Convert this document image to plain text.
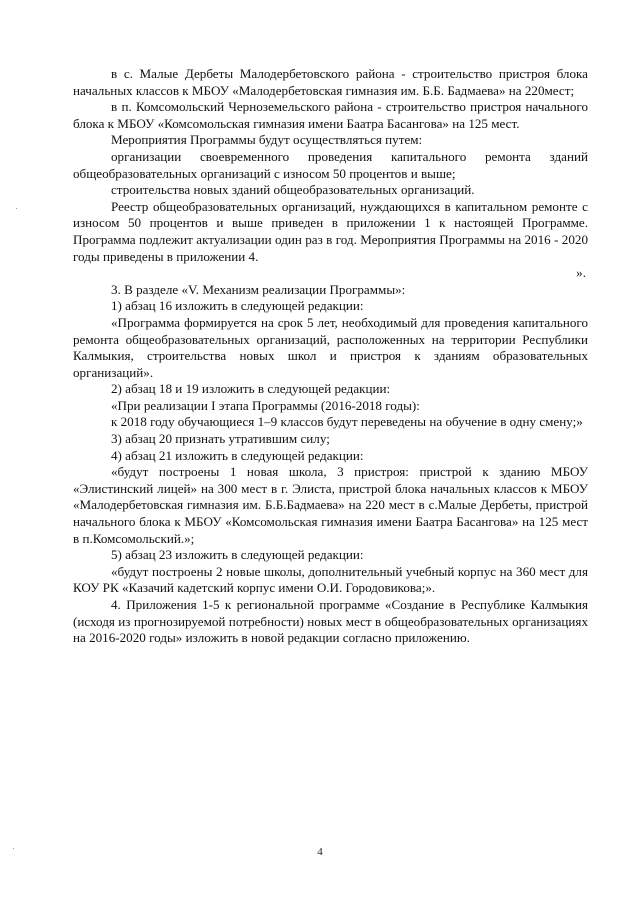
в с. Малые Дербеты Малодербетовского района - строительство пристроя блока начальных классов к МБОУ «Малодербетовская гимназия им. Б.Б. Бадмаева» на 220мест;

в п. Комсомольский Черноземельского района - строительство пристроя начального блока к МБОУ «Комсомольская гимназия имени Баатра Басангова» на 125 мест.

Мероприятия Программы будут осуществляться путем:

организации своевременного проведения капитального ремонта зданий общеобразовательных организаций с износом 50 процентов и выше;

строительства новых зданий общеобразовательных организаций.

Реестр общеобразовательных организаций, нуждающихся в капитальном ремонте с износом 50 процентов и выше приведен в приложении 1 к настоящей Программе. Программа подлежит актуализации один раз в год. Мероприятия Программы на 2016 - 2020 годы приведены в приложении 4.

».

3. В разделе «V. Механизм реализации Программы»:

1) абзац 16 изложить в следующей редакции:

«Программа формируется на срок 5 лет, необходимый для проведения капитального ремонта общеобразовательных организаций, расположенных на территории Республики Калмыкия, строительства новых школ и пристроя к зданиям образовательных организаций».

2) абзац 18 и 19 изложить в следующей редакции:

«При реализации I этапа Программы (2016-2018 годы):

к 2018 году обучающиеся 1–9 классов будут переведены на обучение в одну смену;»

3) абзац 20 признать утратившим силу;

4) абзац 21 изложить в следующей редакции:

«будут построены 1 новая школа, 3 пристроя: пристрой к зданию МБОУ «Элистинский лицей» на 300 мест в г. Элиста, пристрой блока начальных классов к МБОУ «Малодербетовская гимназия им. Б.Б.Бадмаева» на 220 мест в с.Малые Дербеты, пристрой начального блока к МБОУ «Комсомольская гимназия имени Баатра Басангова» на 125 мест в п.Комсомольский.»;

5) абзац 23 изложить в следующей редакции:

«будут построены 2 новые школы, дополнительный учебный корпус на 360 мест для КОУ РК «Казачий кадетский корпус имени О.И. Городовикова;».

4. Приложения 1-5 к региональной программе «Создание в Республике Калмыкия (исходя из прогнозируемой потребности) новых мест в общеобразовательных организациях на 2016-2020 годы» изложить в новой редакции согласно приложению.

4
